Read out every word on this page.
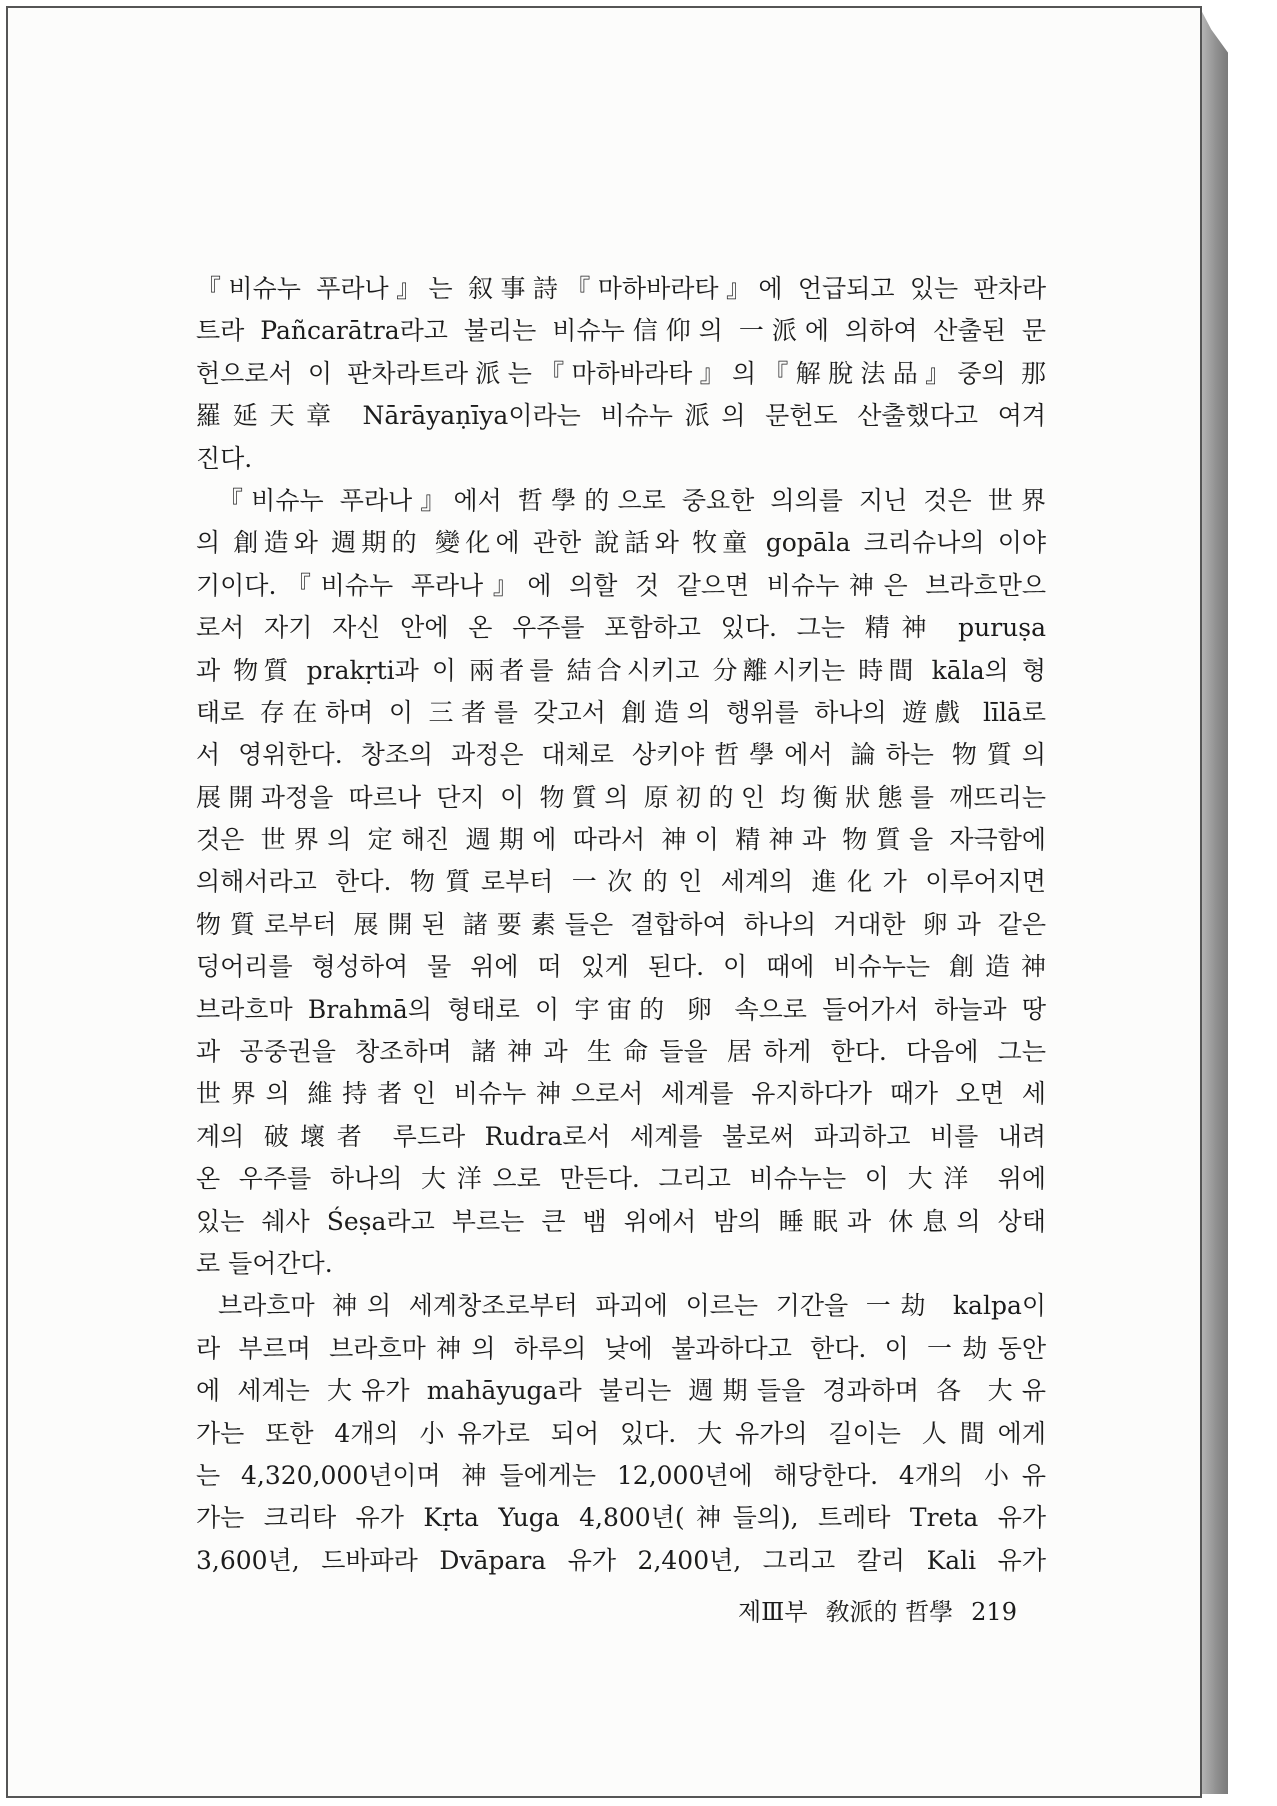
『비슈누 푸라나』는 叙事詩『마하바라타』에 언급되고 있는 판차라
트라 Pañcarātra라고 불리는 비슈누信仰의 一派에 의하여 산출된 문
헌으로서 이 판차라트라派는『마하바라타』의『解脫法品』중의 那
羅延天章 Nārāyaṇīya이라는 비슈누派의 문헌도 산출했다고 여겨
진다.
『비슈누 푸라나』에서 哲學的으로 중요한 의의를 지닌 것은 世界
의 創造와 週期的 變化에 관한 說話와 牧童 gopāla 크리슈나의 이야
기이다.『비슈누 푸라나』에 의할 것 같으면 비슈누神은 브라흐만으
로서 자기 자신 안에 온 우주를 포함하고 있다. 그는 精神 puruṣa
과 物質 prakṛti과 이 兩者를 結合시키고 分離시키는 時間 kāla의 형
태로 存在하며 이 三者를 갖고서 創造의 행위를 하나의 遊戲 līlā로
서 영위한다. 창조의 과정은 대체로 상키야哲學에서 論하는 物質의
展開과정을 따르나 단지 이 物質의 原初的인 均衡狀態를 깨뜨리는
것은 世界의 定해진 週期에 따라서 神이 精神과 物質을 자극함에
의해서라고 한다. 物質로부터 一次的인 세계의 進化가 이루어지면
物質로부터 展開된 諸要素들은 결합하여 하나의 거대한 卵과 같은
덩어리를 형성하여 물 위에 떠 있게 된다. 이 때에 비슈누는 創造神
브라흐마 Brahmā의 형태로 이 宇宙的 卵 속으로 들어가서 하늘과 땅
과 공중권을 창조하며 諸神과 生命들을 居하게 한다. 다음에 그는
世界의 維持者인 비슈누神으로서 세계를 유지하다가 때가 오면 세
계의 破壞者 루드라 Rudra로서 세계를 불로써 파괴하고 비를 내려
온 우주를 하나의 大洋으로 만든다. 그리고 비슈누는 이 大洋 위에
있는 쉐사 Śeṣa라고 부르는 큰 뱀 위에서 밤의 睡眠과 休息의 상태
로 들어간다.
브라흐마 神의 세계창조로부터 파괴에 이르는 기간을 一劫 kalpa이
라 부르며 브라흐마神의 하루의 낮에 불과하다고 한다. 이 一劫동안
에 세계는 大유가 mahāyuga라 불리는 週期들을 경과하며 各 大유
가는 또한 4개의 小유가로 되어 있다. 大유가의 길이는 人間에게
는 4,320,000년이며 神들에게는 12,000년에 해당한다. 4개의 小유
가는 크리타 유가 Kṛta Yuga 4,800년(神들의), 트레타 Treta 유가
3,600년, 드바파라 Dvāpara 유가 2,400년, 그리고 칼리 Kali 유가
제Ⅲ부 敎派的 哲學 219
